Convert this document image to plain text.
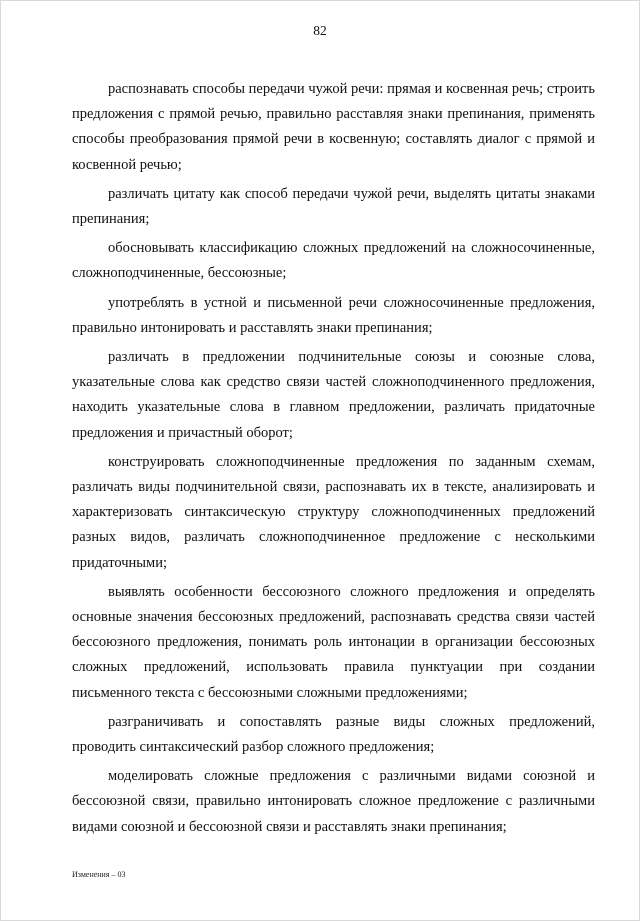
82

распознавать способы передачи чужой речи: прямая и косвенная речь; строить предложения с прямой речью, правильно расставляя знаки препинания, применять способы преобразования прямой речи в косвенную; составлять диалог с прямой и косвенной речью;

различать цитату как способ передачи чужой речи, выделять цитаты знаками препинания;

обосновывать классификацию сложных предложений на сложносочиненные, сложноподчиненные, бессоюзные;

употреблять в устной и письменной речи сложносочиненные предложения, правильно интонировать и расставлять знаки препинания;

различать в предложении подчинительные союзы и союзные слова, указательные слова как средство связи частей сложноподчиненного предложения, находить указательные слова в главном предложении, различать придаточные предложения и причастный оборот;

конструировать сложноподчиненные предложения по заданным схемам, различать виды подчинительной связи, распознавать их в тексте, анализировать и характеризовать синтаксическую структуру сложноподчиненных предложений разных видов, различать сложноподчиненное предложение с несколькими придаточными;

выявлять особенности бессоюзного сложного предложения и определять основные значения бессоюзных предложений, распознавать средства связи частей бессоюзного предложения, понимать роль интонации в организации бессоюзных сложных предложений, использовать правила пунктуации при создании письменного текста с бессоюзными сложными предложениями;

разграничивать и сопоставлять разные виды сложных предложений, проводить синтаксический разбор сложного предложения;

моделировать сложные предложения с различными видами союзной и бессоюзной связи, правильно интонировать сложное предложение с различными видами союзной и бессоюзной связи и расставлять знаки препинания;

Изменения – 03
